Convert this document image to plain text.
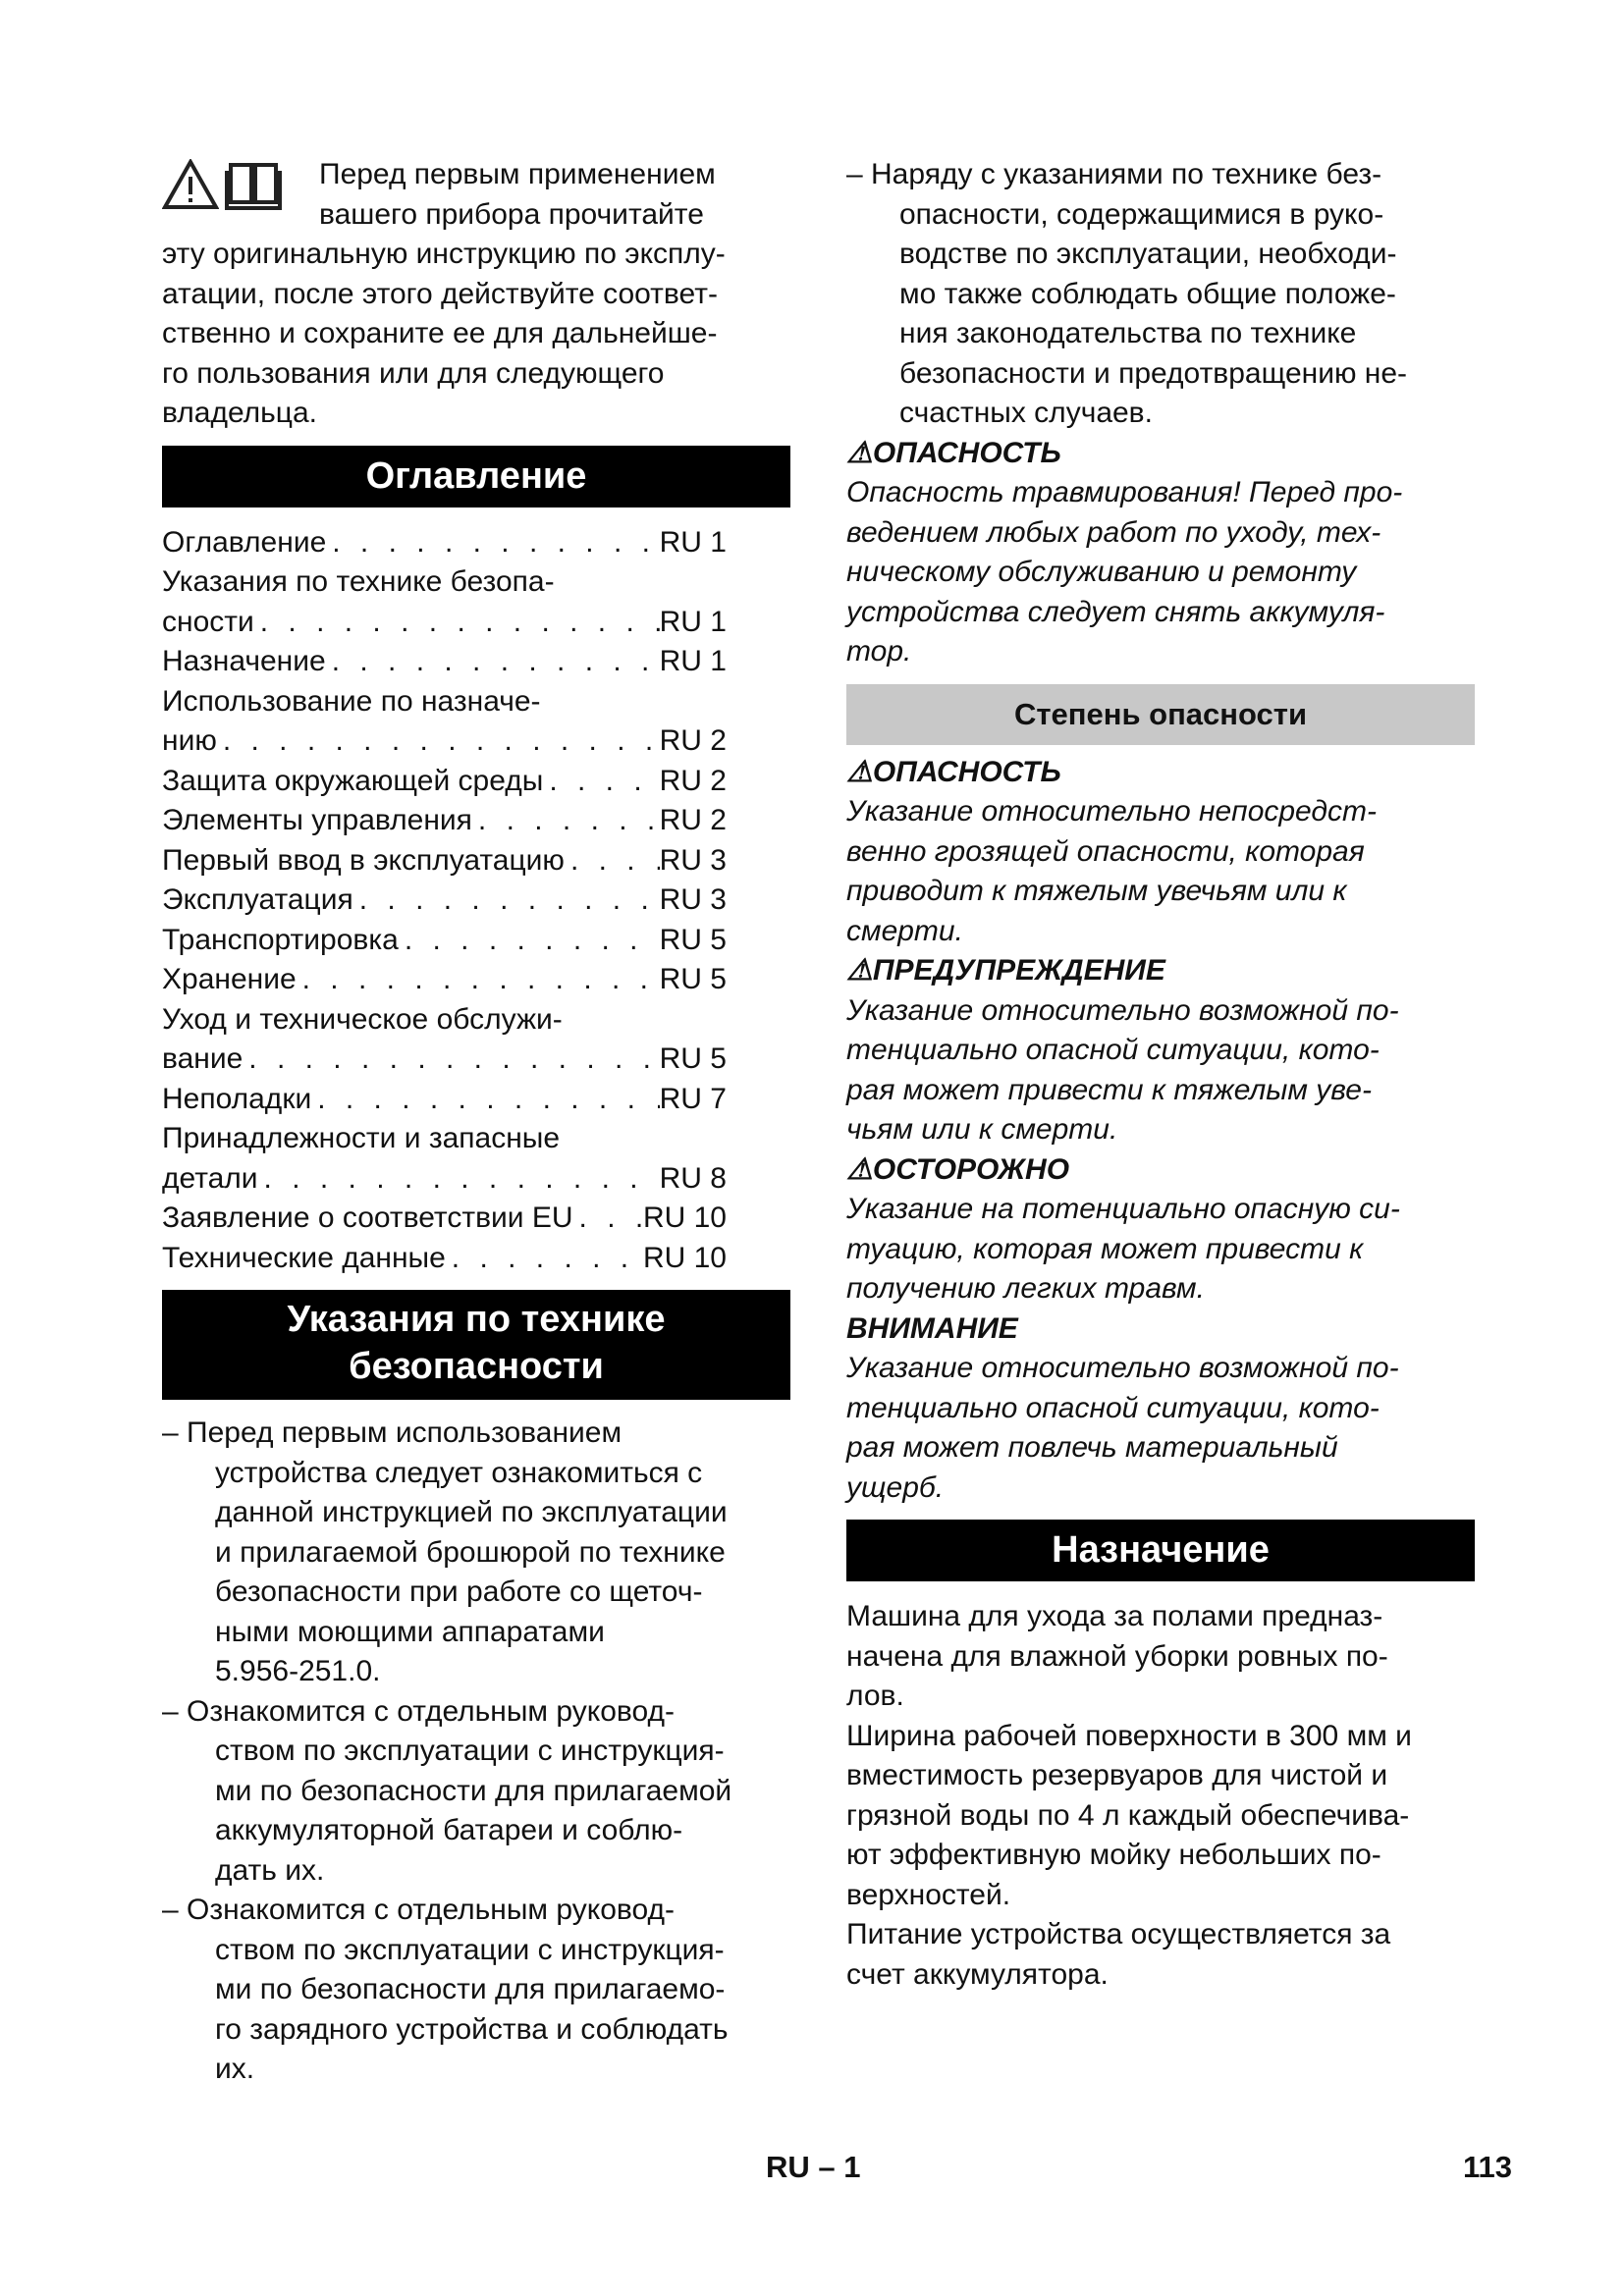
Перед первым применением
вашего прибора прочитайте
эту оригинальную инструкцию по эксплу-
атации, после этого действуйте соответ-
ственно и сохраните ее для дальнейше-
го пользования или для следующего
владельца.
Оглавление
Оглавление . . .	RU 1
Указания по технике безопа-
сности . . .	RU 1
Назначение . . .	RU 1
Использование по назначе-
нию . . .	RU 2
Защита окружающей среды . . .	RU 2
Элементы управления . . .	RU 2
Первый ввод в эксплуатацию . . .	RU 3
Эксплуатация . . .	RU 3
Транспортировка . . .	RU 5
Хранение . . .	RU 5
Уход и техническое обслужи-
вание . . .	RU 5
Неполадки . . .	RU 7
Принадлежности и запасные
детали . . .	RU 8
Заявление о соответствии EU . . . RU 10
Технические данные . . .	RU 10
Указания по технике
безопасности
– Перед первым использованием
устройства следует ознакомиться с
данной инструкцией по эксплуатации
и прилагаемой брошюрой по технике
безопасности при работе со щеточ-
ными моющими аппаратами
5.956-251.0.
– Ознакомится с отдельным руковод-
ством по эксплуатации с инструкция-
ми по безопасности для прилагаемой
аккумуляторной батареи и соблю-
дать их.
– Ознакомится с отдельным руковод-
ством по эксплуатации с инструкция-
ми по безопасности для прилагаемо-
го зарядного устройства и соблюдать
их.
– Наряду с указаниями по технике без-
опасности, содержащимися в руко-
водстве по эксплуатации, необходи-
мо также соблюдать общие положе-
ния законодательства по технике
безопасности и предотвращению не-
счастных случаев.
⚠ОПАСНОСТЬ
Опасность травмирования! Перед про-
ведением любых работ по уходу, тех-
ническому обслуживанию и ремонту
устройства следует снять аккумуля-
тор.
Степень опасности
⚠ОПАСНОСТЬ
Указание относительно непосредст-
венно грозящей опасности, которая
приводит к тяжелым увечьям или к
смерти.
⚠ПРЕДУПРЕЖДЕНИЕ
Указание относительно возможной по-
тенциально опасной ситуации, кото-
рая может привести к тяжелым уве-
чьям или к смерти.
⚠ОСТОРОЖНО
Указание на потенциально опасную си-
туацию, которая может привести к
получению легких травм.
ВНИМАНИЕ
Указание относительно возможной по-
тенциально опасной ситуации, кото-
рая может повлечь материальный
ущерб.
Назначение
Машина для ухода за полами предназ-
начена для влажной уборки ровных по-
лов.
Ширина рабочей поверхности в 300 мм и
вместимость резервуаров для чистой и
грязной воды по 4 л каждый обеспечива-
ют эффективную мойку небольших по-
верхностей.
Питание устройства осуществляется за
счет аккумулятора.
RU – 1	113
